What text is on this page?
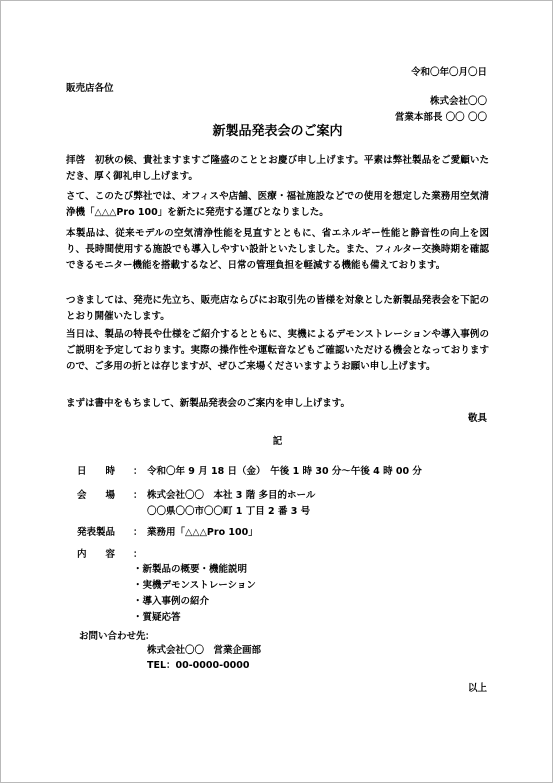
令和〇年〇月〇日
販売店各位
株式会社〇〇
営業本部長 〇〇 〇〇
新製品発表会のご案内
拝啓　初秋の候、貴社ますますご隆盛のこととお慶び申し上げます。平素は弊社製品をご愛顧いただき、厚く御礼申し上げます。
さて、このたび弊社では、オフィスや店舗、医療・福祉施設などでの使用を想定した業務用空気清浄機「△△△Pro 100」を新たに発売する運びとなりました。
本製品は、従来モデルの空気清浄性能を見直すとともに、省エネルギー性能と静音性の向上を図り、長時間使用する施設でも導入しやすい設計といたしました。また、フィルター交換時期を確認できるモニター機能を搭載するなど、日常の管理負担を軽減する機能も備えております。
つきましては、発売に先立ち、販売店ならびにお取引先の皆様を対象とした新製品発表会を下記のとおり開催いたします。
当日は、製品の特長や仕様をご紹介するとともに、実機によるデモンストレーションや導入事例のご説明を予定しております。実際の操作性や運転音などもご確認いただける機会となっておりますので、ご多用の折とは存じますが、ぜひご来場くださいますようお願い申し上げます。
まずは書中をもちまして、新製品発表会のご案内を申し上げます。
敬具
記
日　　時 ： 令和〇年 9 月 18 日（金）　午後 1 時 30 分～午後 4 時 00 分
会　　場 ： 株式会社〇〇　本社 3 階 多目的ホール
〇〇県〇〇市〇〇町 1 丁目 2 番 3 号
発表製品 ： 業務用「△△△Pro 100」
内　　容 ：
・新製品の概要・機能説明
・実機デモンストレーション
・導入事例の紹介
・質疑応答
お問い合わせ先：
株式会社〇〇　営業企画部
TEL：00-0000-0000
以上
